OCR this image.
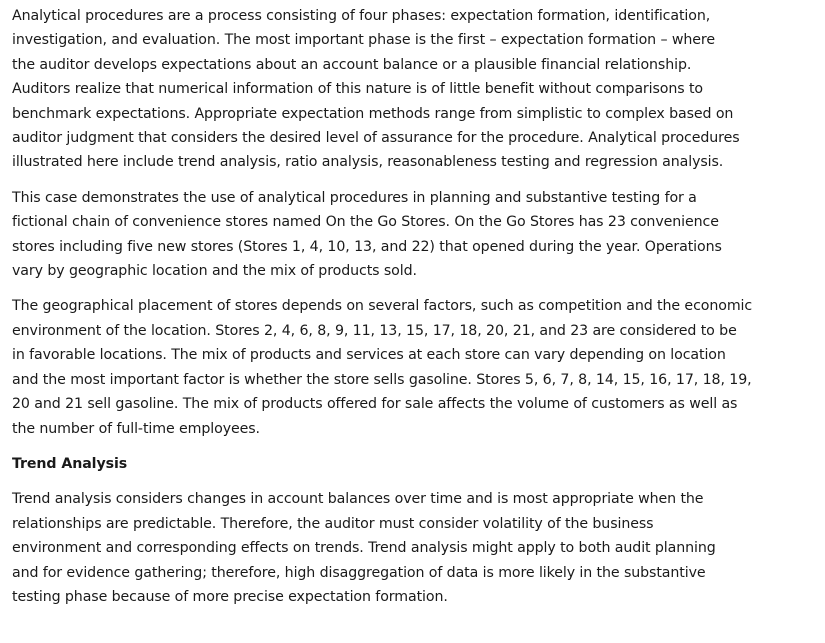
Analytical procedures are a process consisting of four phases: expectation formation, identification,
investigation, and evaluation. The most important phase is the first – expectation formation – where
the auditor develops expectations about an account balance or a plausible financial relationship.
Auditors realize that numerical information of this nature is of little benefit without comparisons to
benchmark expectations. Appropriate expectation methods range from simplistic to complex based on
auditor judgment that considers the desired level of assurance for the procedure. Analytical procedures
illustrated here include trend analysis, ratio analysis, reasonableness testing and regression analysis.

This case demonstrates the use of analytical procedures in planning and substantive testing for a
fictional chain of convenience stores named On the Go Stores. On the Go Stores has 23 convenience
stores including five new stores (Stores 1, 4, 10, 13, and 22) that opened during the year. Operations
vary by geographic location and the mix of products sold.

The geographical placement of stores depends on several factors, such as competition and the economic
environment of the location. Stores 2, 4, 6, 8, 9, 11, 13, 15, 17, 18, 20, 21, and 23 are considered to be
in favorable locations. The mix of products and services at each store can vary depending on location
and the most important factor is whether the store sells gasoline. Stores 5, 6, 7, 8, 14, 15, 16, 17, 18, 19,
20 and 21 sell gasoline. The mix of products offered for sale affects the volume of customers as well as
the number of full-time employees.

Trend Analysis

Trend analysis considers changes in account balances over time and is most appropriate when the
relationships are predictable. Therefore, the auditor must consider volatility of the business
environment and corresponding effects on trends. Trend analysis might apply to both audit planning
and for evidence gathering; therefore, high disaggregation of data is more likely in the substantive
testing phase because of more precise expectation formation.
